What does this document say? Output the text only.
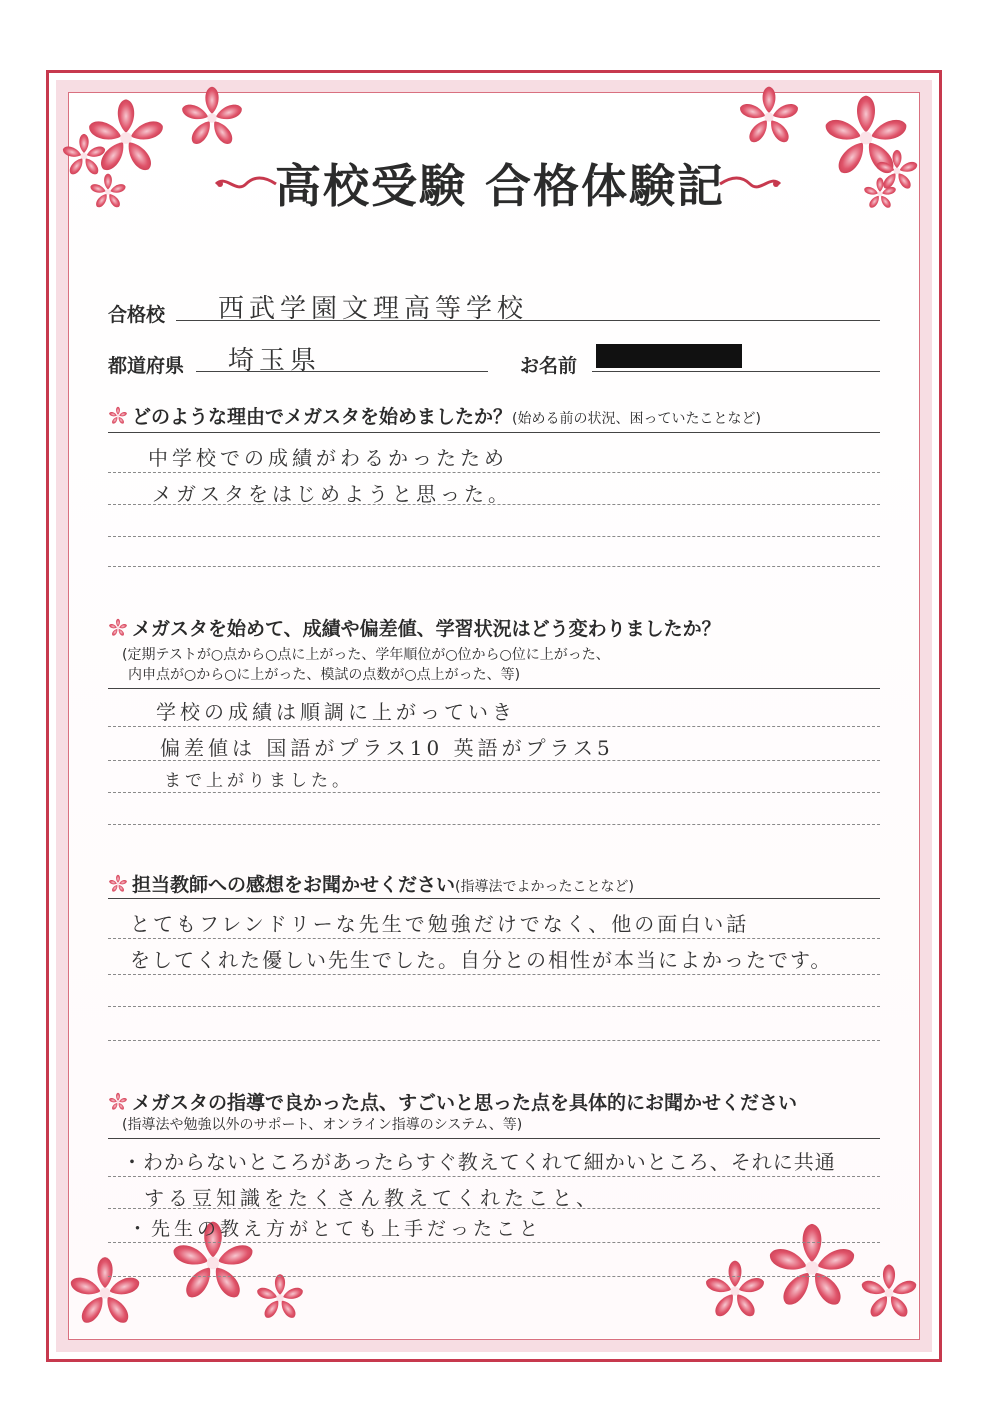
高校受験 合格体験記
合格校 西武学園文理高等学校
都道府県 埼玉県	お名前
どのような理由でメガスタを始めましたか？(始める前の状況、困っていたことなど)
中学校での成績がわるかったため
メガスタをはじめようと思った。
メガスタを始めて、成績や偏差値、学習状況はどう変わりましたか？
(定期テストが○点から○点に上がった、学年順位が○位から○位に上がった、
内申点が○から○に上がった、模試の点数が○点上がった、等)
学校の成績は順調に上がっていき
偏差値は 国語がプラス10 英語がプラス5
まで上がりました。
担当教師への感想をお聞かせください(指導法でよかったことなど)
とてもフレンドリーな先生で勉強だけでなく、他の面白い話
をしてくれた優しい先生でした。自分との相性が本当によかったです。
メガスタの指導で良かった点、すごいと思った点を具体的にお聞かせください
(指導法や勉強以外のサポート、オンライン指導のシステム、等)
・わからないところがあったらすぐ教えてくれて細かいところ、それに共通
する豆知識をたくさん教えてくれたこと、
・先生の教え方がとても上手だったこと
